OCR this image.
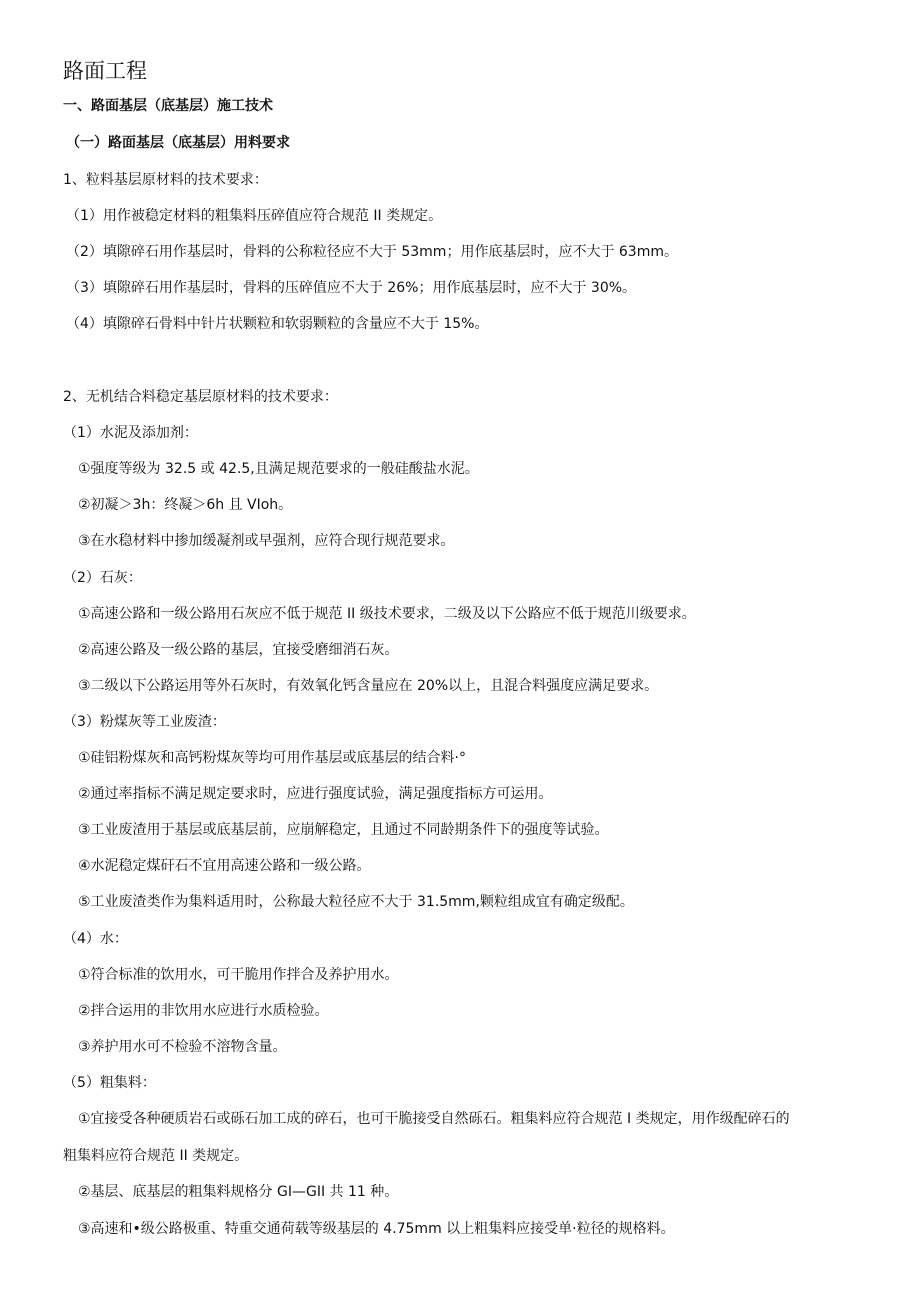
路面工程
一、路面基层（底基层）施工技术
（一）路面基层（底基层）用料要求
1、粒料基层原材料的技术要求：
（1）用作被稳定材料的粗集料压碎值应符合规范 II 类规定。
（2）填隙碎石用作基层时，骨料的公称粒径应不大于 53mm；用作底基层时，应不大于 63mm。
（3）填隙碎石用作基层时，骨料的压碎值应不大于 26%；用作底基层时，应不大于 30%。
（4）填隙碎石骨料中针片状颗粒和软弱颗粒的含量应不大于 15%。
2、无机结合料稳定基层原材料的技术要求：
（1）水泥及添加剂：
①强度等级为 32.5 或 42.5,且满足规范要求的一般硅酸盐水泥。
②初凝＞3h：终凝＞6h 且 VIoh。
③在水稳材料中掺加缓凝剂或早强剂，应符合现行规范要求。
（2）石灰：
①高速公路和一级公路用石灰应不低于规范 II 级技术要求，二级及以下公路应不低于规范川级要求。
②高速公路及一级公路的基层，宜接受磨细消石灰。
③二级以下公路运用等外石灰时，有效氧化钙含量应在 20%以上，且混合料强度应满足要求。
（3）粉煤灰等工业废渣：
①硅铝粉煤灰和高钙粉煤灰等均可用作基层或底基层的结合料·°
②通过率指标不满足规定要求时，应进行强度试验，满足强度指标方可运用。
③工业废渣用于基层或底基层前，应崩解稳定，且通过不同龄期条件下的强度等试验。
④水泥稳定煤矸石不宜用高速公路和一级公路。
⑤工业废渣类作为集料适用时，公称最大粒径应不大于 31.5mm,颗粒组成宜有确定级配。
（4）水：
①符合标准的饮用水，可干脆用作拌合及养护用水。
②拌合运用的非饮用水应进行水质检验。
③养护用水可不检验不溶物含量。
（5）粗集料：
①宜接受各种硬质岩石或砾石加工成的碎石，也可干脆接受自然砾石。粗集料应符合规范 I 类规定，用作级配碎石的
粗集料应符合规范 II 类规定。
②基层、底基层的粗集料规格分 GI—GII 共 11 种。
③高速和•级公路极重、特重交通荷载等级基层的 4.75mm 以上粗集料应接受单·粒径的规格料。
